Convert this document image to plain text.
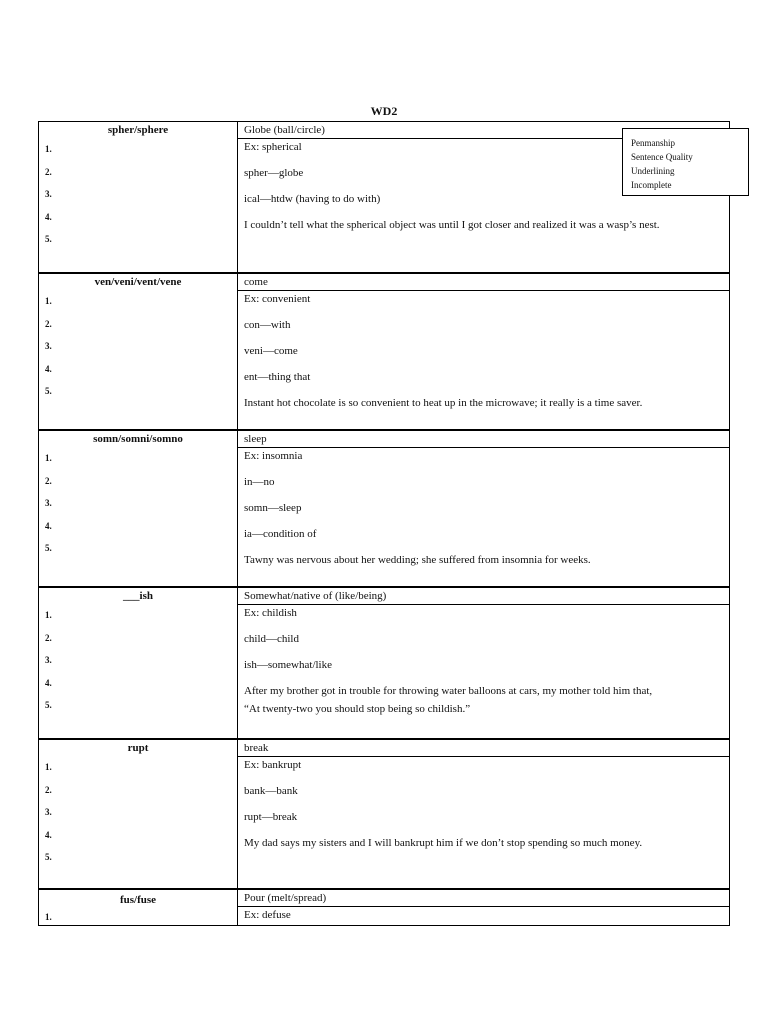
WD2
spher/sphere
1.
2.
3.
4.
5.
Globe (ball/circle)
Ex: spherical
spher—globe
ical—htdw (having to do with)
I couldn’t tell what the spherical object was until I got closer and realized it was a wasp’s nest.
ven/veni/vent/vene
1.
2.
3.
4.
5.
come
Ex: convenient
con—with
veni—come
ent—thing that
Instant hot chocolate is so convenient to heat up in the microwave; it really is a time saver.
somn/somni/somno
1.
2.
3.
4.
5.
sleep
Ex: insomnia
in—no
somn—sleep
ia—condition of
Tawny was nervous about her wedding; she suffered from insomnia for weeks.
___ish
1.
2.
3.
4.
5.
Somewhat/native of (like/being)
Ex: childish
child—child
ish—somewhat/like
After my brother got in trouble for throwing water balloons at cars, my mother told him that,
“At twenty-two you should stop being so childish.”
rupt
1.
2.
3.
4.
5.
break
Ex: bankrupt
bank—bank
rupt—break
My dad says my sisters and I will bankrupt him if we don’t stop spending so much money.
fus/fuse
1.
Pour (melt/spread)
Ex: defuse
Penmanship
Sentence Quality
Underlining
Incomplete
